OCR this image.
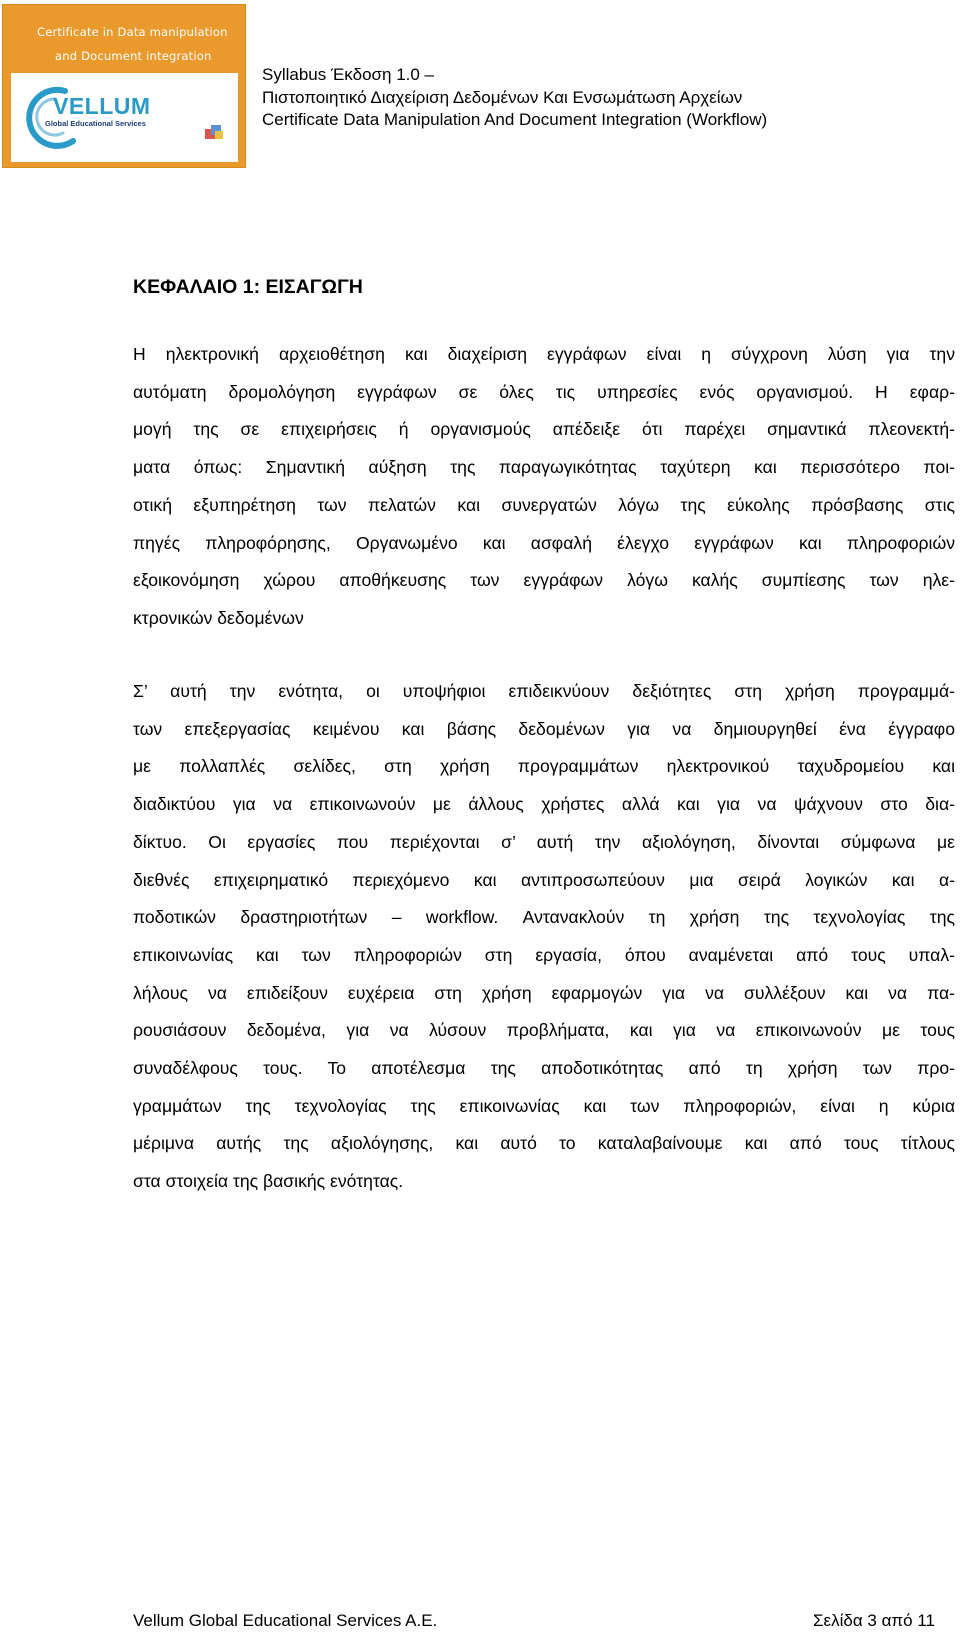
Certificate in Data manipulation
and Document integration
VELLUM
Global Educational Services
Syllabus Έκδοση 1.0 –
Πιστοποιητικό Διαχείριση Δεδομένων Και Ενσωμάτωση Αρχείων
Certificate Data Manipulation And Document Integration (Workflow)
ΚΕΦΑΛΑΙΟ 1: ΕΙΣΑΓΩΓΗ

Η ηλεκτρονική αρχειοθέτηση και διαχείριση εγγράφων είναι η σύγχρονη λύση για την
αυτόματη δρομολόγηση εγγράφων σε όλες τις υπηρεσίες ενός οργανισμού. Η εφαρ-
μογή της σε επιχειρήσεις ή οργανισμούς απέδειξε ότι παρέχει σημαντικά πλεονεκτή-
ματα όπως: Σημαντική αύξηση της παραγωγικότητας ταχύτερη και περισσότερο ποι-
οτική εξυπηρέτηση των πελατών και συνεργατών λόγω της εύκολης πρόσβασης στις
πηγές πληροφόρησης, Οργανωμένο και ασφαλή έλεγχο εγγράφων και πληροφοριών
εξοικονόμηση χώρου αποθήκευσης των εγγράφων λόγω καλής συμπίεσης των ηλε-
κτρονικών δεδομένων

Σ’ αυτή την ενότητα, οι υποψήφιοι επιδεικνύουν δεξιότητες στη χρήση προγραμμά-
των επεξεργασίας κειμένου και βάσης δεδομένων για να δημιουργηθεί ένα έγγραφο
με πολλαπλές σελίδες, στη χρήση προγραμμάτων ηλεκτρονικού ταχυδρομείου και
διαδικτύου για να επικοινωνούν με άλλους χρήστες αλλά και για να ψάχνουν στο δια-
δίκτυο. Οι εργασίες που περιέχονται σ’ αυτή την αξιολόγηση, δίνονται σύμφωνα με
διεθνές επιχειρηματικό περιεχόμενο και αντιπροσωπεύουν μια σειρά λογικών και α-
ποδοτικών δραστηριοτήτων – workflow. Αντανακλούν τη χρήση της τεχνολογίας της
επικοινωνίας και των πληροφοριών στη εργασία, όπου αναμένεται από τους υπαλ-
λήλους να επιδείξουν ευχέρεια στη χρήση εφαρμογών για να συλλέξουν και να πα-
ρουσιάσουν δεδομένα, για να λύσουν προβλήματα, και για να επικοινωνούν με τους
συναδέλφους τους. Το αποτέλεσμα της αποδοτικότητας από τη χρήση των προ-
γραμμάτων της τεχνολογίας της επικοινωνίας και των πληροφοριών, είναι η κύρια
μέριμνα αυτής της αξιολόγησης, και αυτό το καταλαβαίνουμε και από τους τίτλους
στα στοιχεία της βασικής ενότητας.

Vellum Global Educational Services A.E.	Σελίδα 3 από 11
